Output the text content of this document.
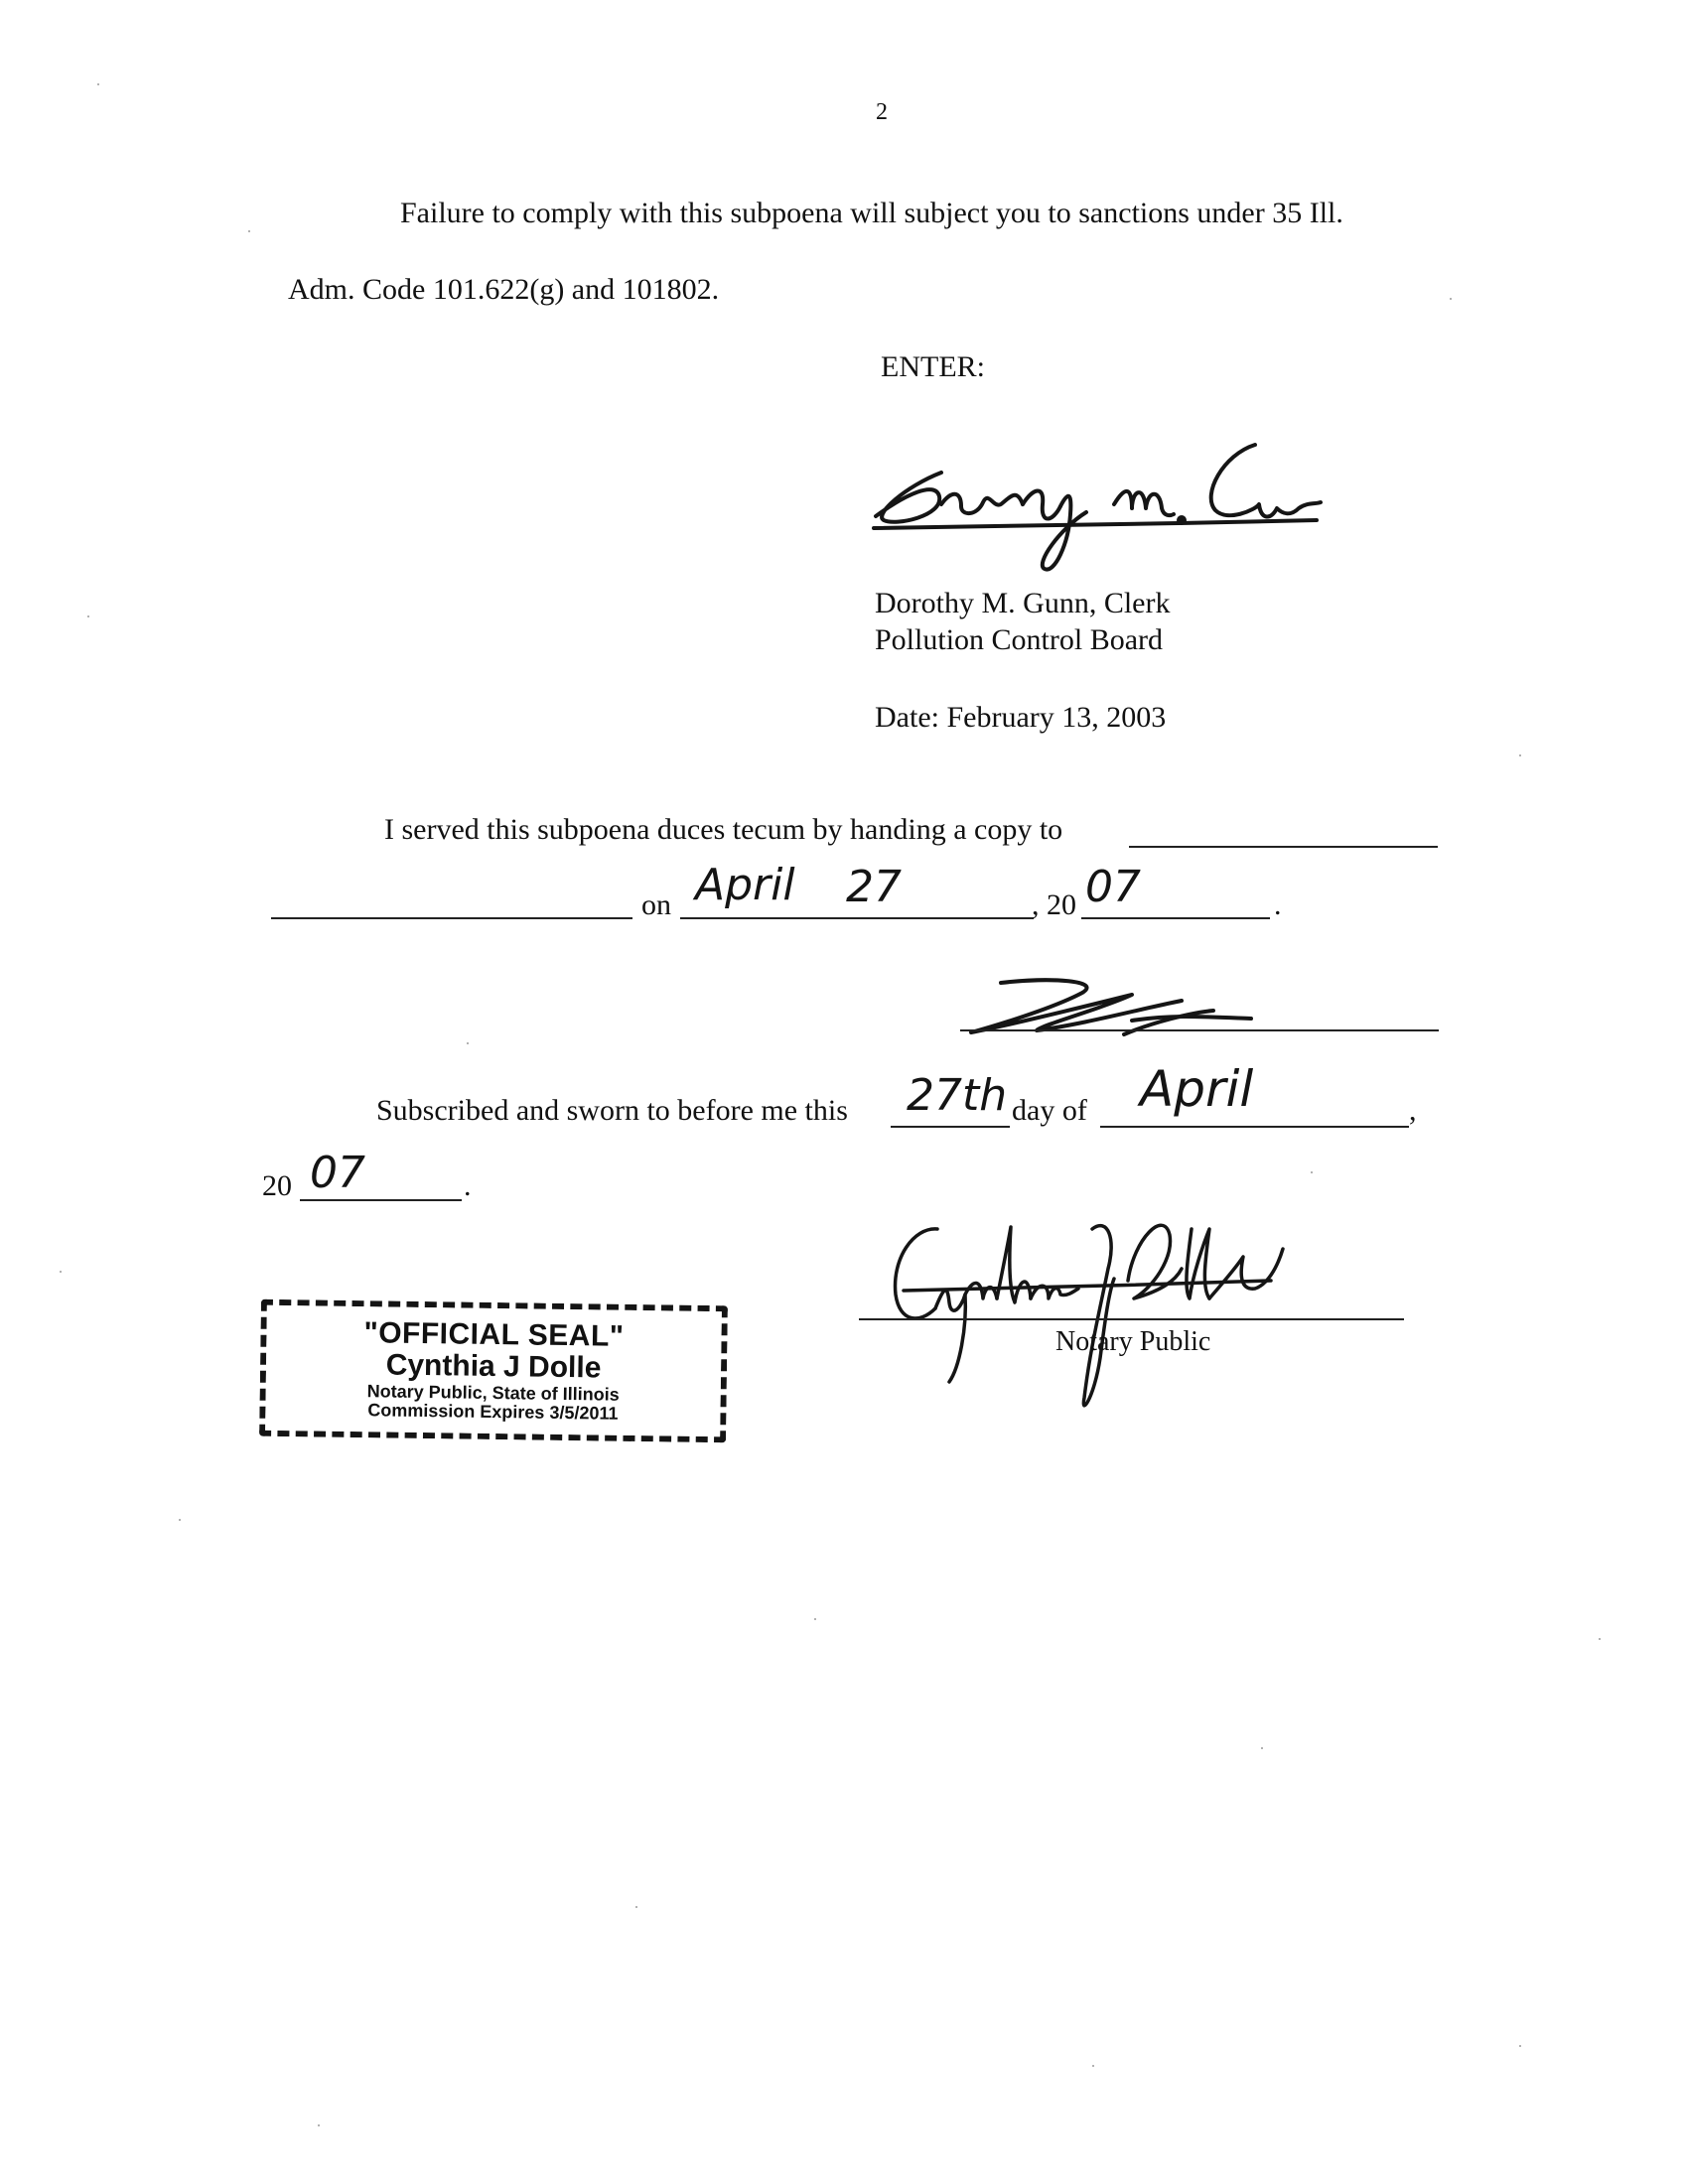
2
Failure to comply with this subpoena will subject you to sanctions under 35 Ill.
Adm. Code 101.622(g) and 101802.
ENTER:
Dorothy M. Gunn, Clerk
Pollution Control Board
Date: February 13, 2003
I served this subpoena duces tecum by handing a copy to
on April 27	, 20 07	.
Subscribed and sworn to before me this 27th day of April	,
20 07	.
Notary Public
"OFFICIAL SEAL"
Cynthia J Dolle
Notary Public, State of Illinois
Commission Expires 3/5/2011
